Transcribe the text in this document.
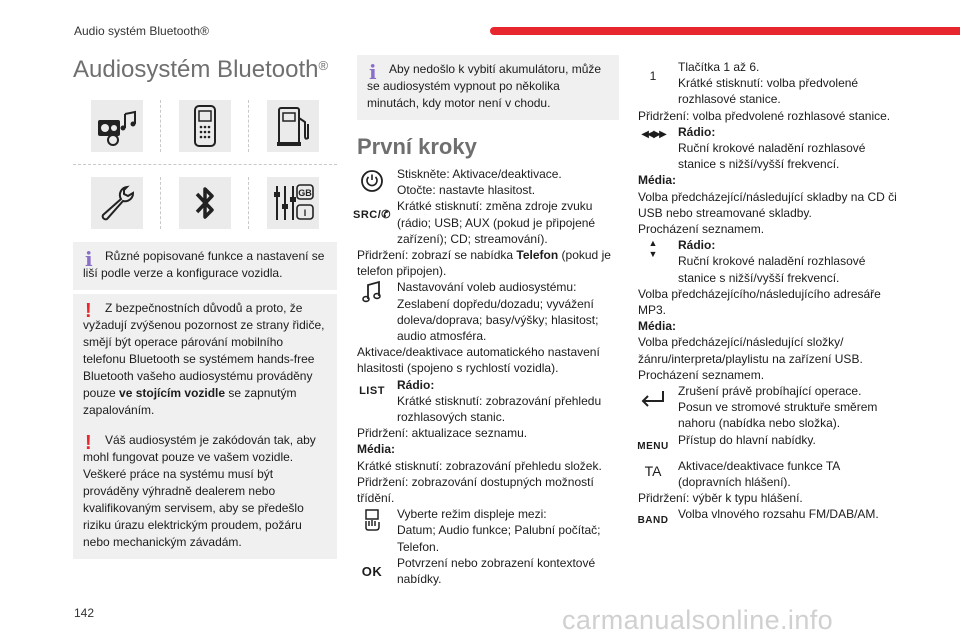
Audio systém Bluetooth®
Audiosystém Bluetooth®
GB
I
i	Různé popisované funkce a nastavení se liší podle verze a konfigurace vozidla.

!	Z bezpečnostních důvodů a proto, že vyžadují zvýšenou pozornost ze strany řidiče, smějí být operace párování mobilního telefonu Bluetooth se systémem hands-free Bluetooth vašeho audiosystému prováděny pouze ve stojícím vozidle se zapnutým zapalováním.

!	Váš audiosystém je zakódován tak, aby mohl fungovat pouze ve vašem vozidle. Veškeré práce na systému musí být prováděny výhradně dealerem nebo kvalifikovaným servisem, aby se předešlo riziku úrazu elektrickým proudem, požáru nebo mechanickým závadám.

i	Aby nedošlo k vybití akumulátoru, může se audiosystém vypnout po několika minutách, kdy motor není v chodu.

První kroky
Stiskněte: Aktivace/deaktivace.
Otočte: nastavte hlasitost.
SRC/ ✆
Krátké stisknutí: změna zdroje zvuku (rádio; USB; AUX (pokud je připojené zařízení); CD; streamování).
Přidržení: zobrazí se nabídka Telefon (pokud je telefon připojen).
Nastavování voleb audiosystému: Zeslabení dopředu/dozadu; vyvážení doleva/doprava; basy/výšky; hlasitost; audio atmosféra.
Aktivace/deaktivace automatického nastavení hlasitosti (spojeno s rychlostí vozidla).
LIST	Rádio:
Krátké stisknutí: zobrazování přehledu rozhlasových stanic.
Přidržení: aktualizace seznamu.
Média:
Krátké stisknutí: zobrazování přehledu složek.
Přidržení: zobrazování dostupných možností třídění.
Vyberte režim displeje mezi:
Datum; Audio funkce; Palubní počítač; Telefon.
OK
Potvrzení nebo zobrazení kontextové nabídky.
1
Tlačítka 1 až 6.
Krátké stisknutí: volba předvolené rozhlasové stanice.
Přidržení: volba předvolené rozhlasové stanice.
◀◀ ▶▶	Rádio:
Ruční krokové naladění rozhlasové stanice s nižší/vyšší frekvencí.
Média:
Volba předcházející/následující skladby na CD či USB nebo streamované skladby.
Procházení seznamem.
▲
▼
Rádio:
Ruční krokové naladění rozhlasové stanice s nižší/vyšší frekvencí.
Volba předcházejícího/následujícího adresáře MP3.
Média:
Volba předcházející/následující složky/žánru/interpreta/playlistu na zařízení USB.
Procházení seznamem.
Zrušení právě probíhající operace.
Posun ve stromové struktuře směrem nahoru (nabídka nebo složka).
MENU Přístup do hlavní nabídky.
TA	Aktivace/deaktivace funkce TA (dopravních hlášení).
Přidržení: výběr k typu hlášení.
BAND Volba vlnového rozsahu FM/DAB/AM.
142	carmanualsonline.info
